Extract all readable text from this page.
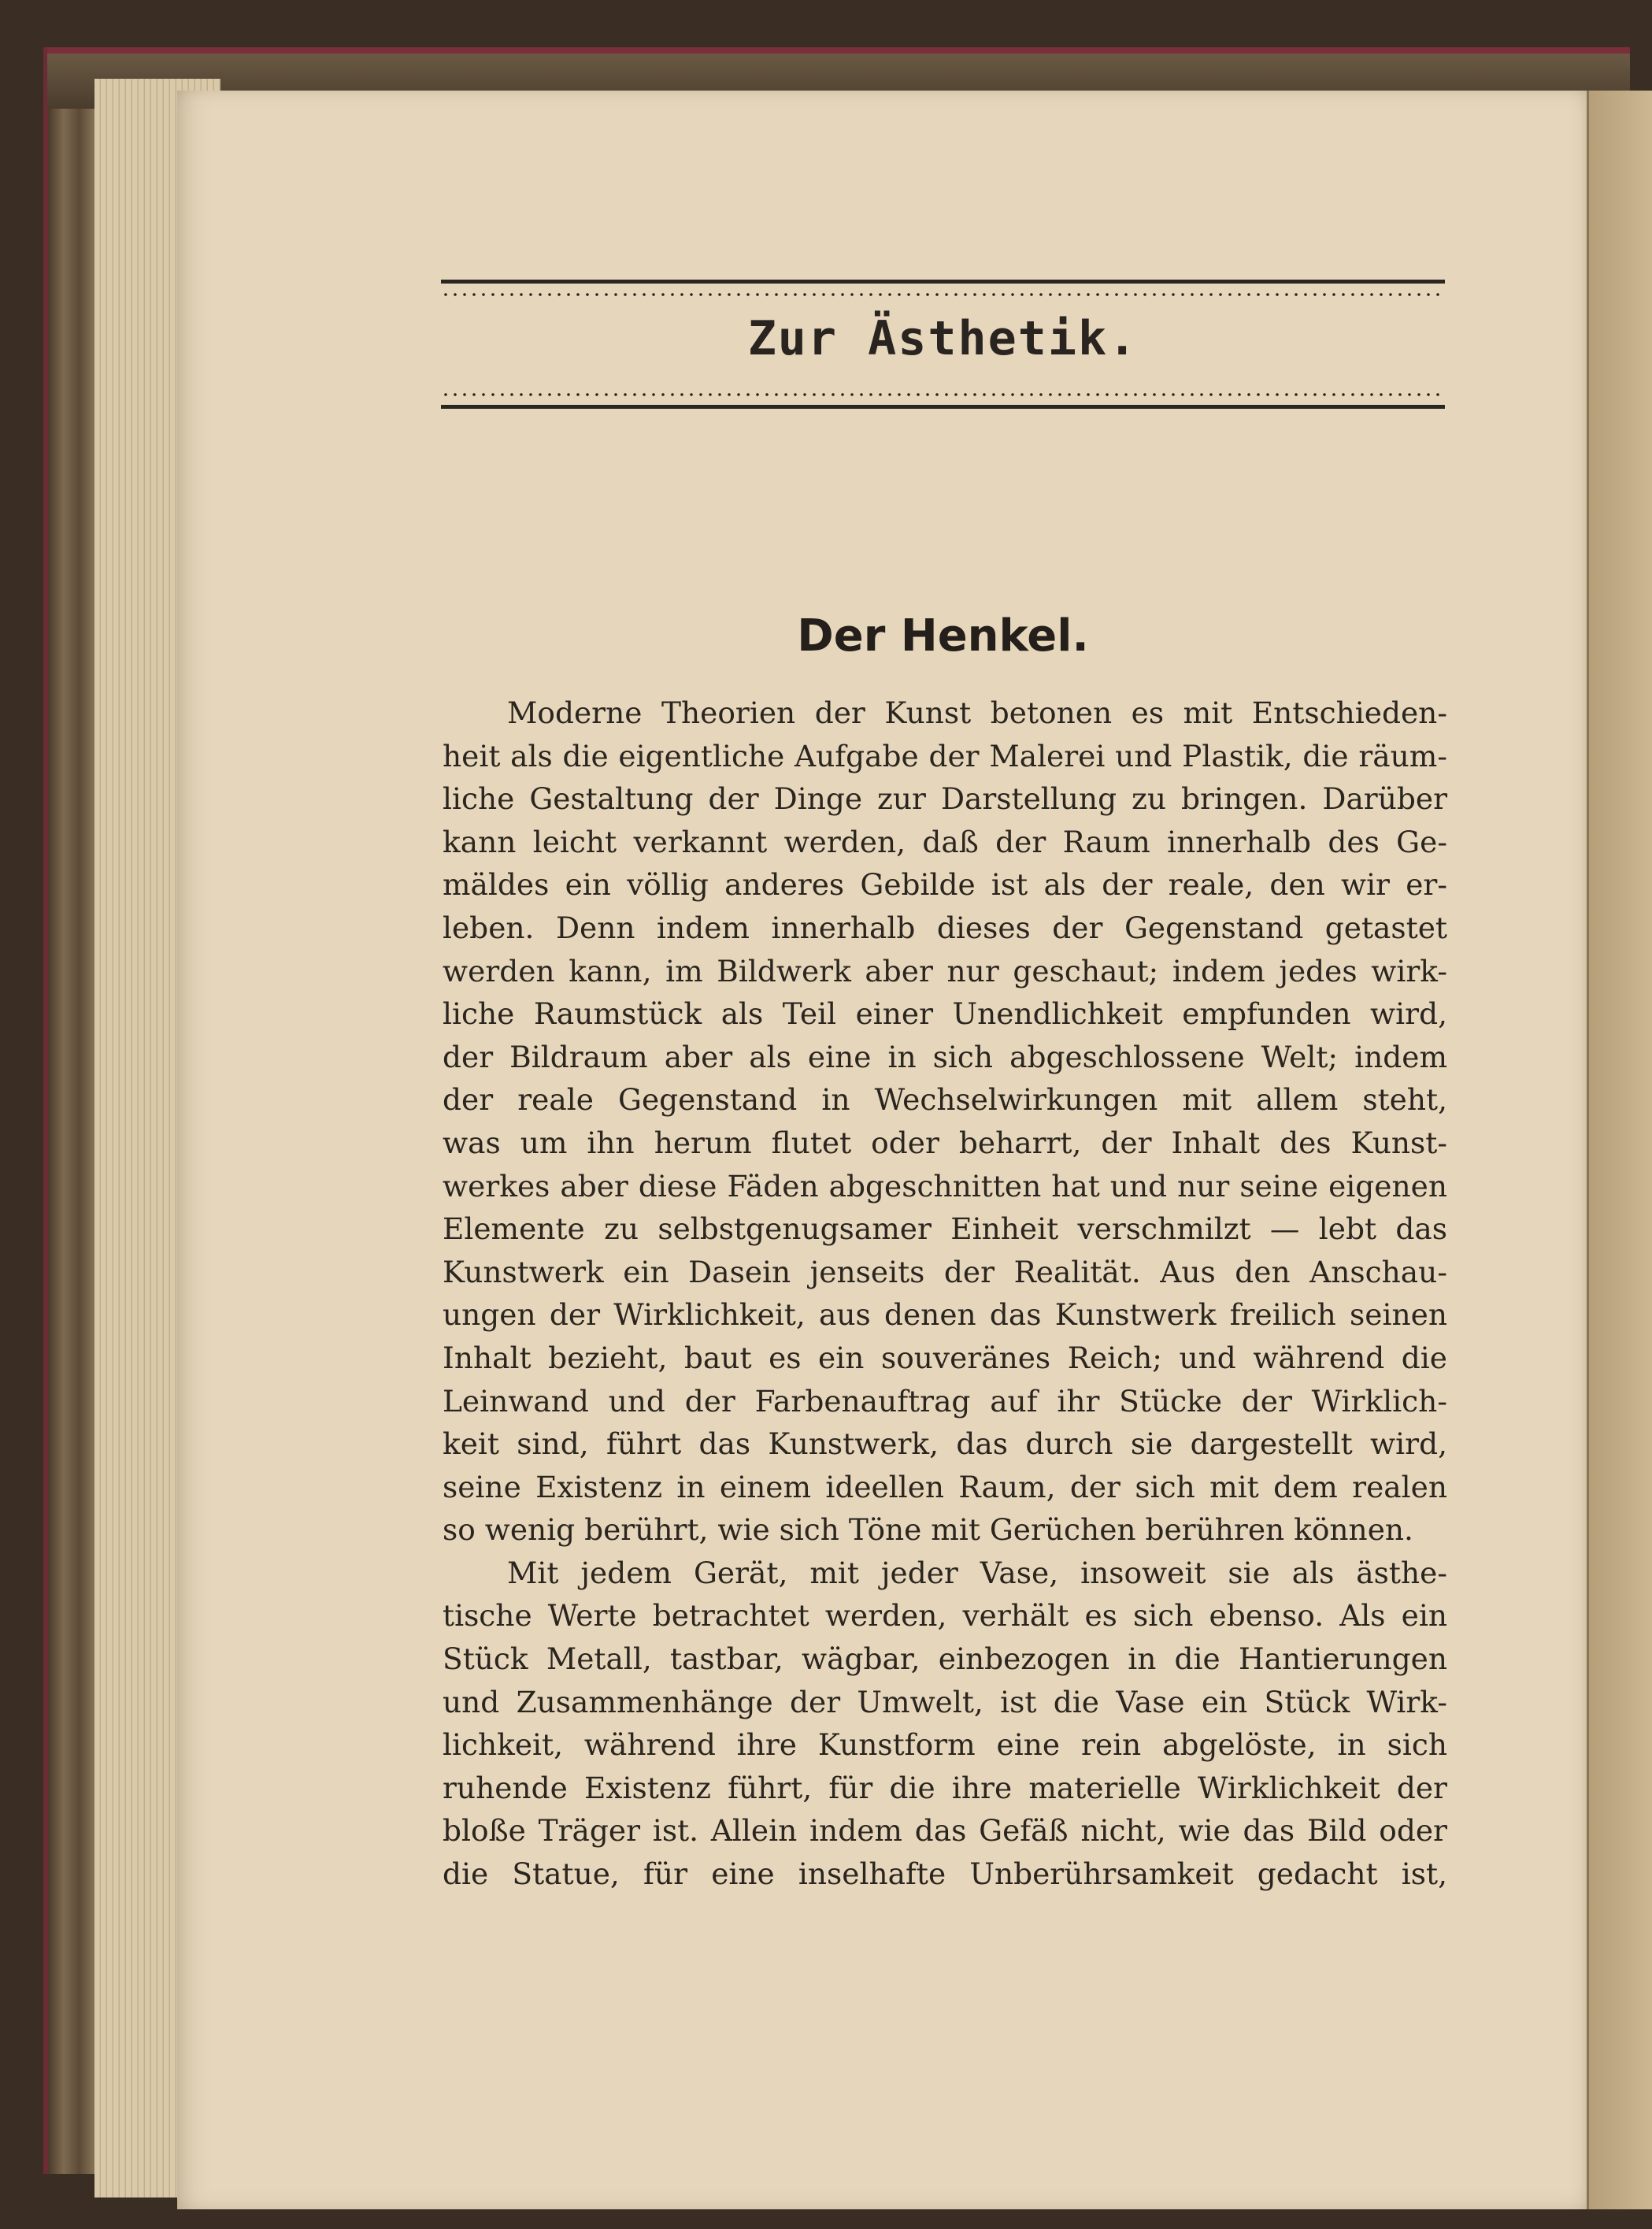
Zur Ästhetik.
Der Henkel.
Moderne Theorien der Kunst betonen es mit Entschieden-
heit als die eigentliche Aufgabe der Malerei und Plastik, die räum-
liche Gestaltung der Dinge zur Darstellung zu bringen. Darüber
kann leicht verkannt werden, daß der Raum innerhalb des Ge-
mäldes ein völlig anderes Gebilde ist als der reale, den wir er-
leben. Denn indem innerhalb dieses der Gegenstand getastet
werden kann, im Bildwerk aber nur geschaut; indem jedes wirk-
liche Raumstück als Teil einer Unendlichkeit empfunden wird,
der Bildraum aber als eine in sich abgeschlossene Welt; indem
der reale Gegenstand in Wechselwirkungen mit allem steht,
was um ihn herum flutet oder beharrt, der Inhalt des Kunst-
werkes aber diese Fäden abgeschnitten hat und nur seine eigenen
Elemente zu selbstgenugsamer Einheit verschmilzt — lebt das
Kunstwerk ein Dasein jenseits der Realität. Aus den Anschau-
ungen der Wirklichkeit, aus denen das Kunstwerk freilich seinen
Inhalt bezieht, baut es ein souveränes Reich; und während die
Leinwand und der Farbenauftrag auf ihr Stücke der Wirklich-
keit sind, führt das Kunstwerk, das durch sie dargestellt wird,
seine Existenz in einem ideellen Raum, der sich mit dem realen
so wenig berührt, wie sich Töne mit Gerüchen berühren können.
Mit jedem Gerät, mit jeder Vase, insoweit sie als ästhe-
tische Werte betrachtet werden, verhält es sich ebenso. Als ein
Stück Metall, tastbar, wägbar, einbezogen in die Hantierungen
und Zusammenhänge der Umwelt, ist die Vase ein Stück Wirk-
lichkeit, während ihre Kunstform eine rein abgelöste, in sich
ruhende Existenz führt, für die ihre materielle Wirklichkeit der
bloße Träger ist. Allein indem das Gefäß nicht, wie das Bild oder
die Statue, für eine inselhafte Unberührsamkeit gedacht ist,
